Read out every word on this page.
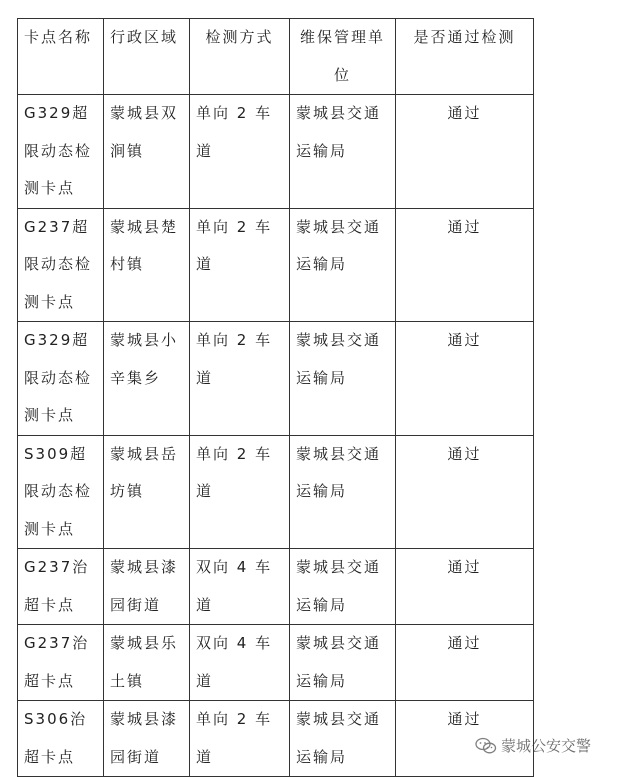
卡点名称	行政区域	检测方式	维保管理单位	是否通过检测
G329超限动态检测卡点	蒙城县双涧镇	单向 2 车道	蒙城县交通运输局	通过
G237超限动态检测卡点	蒙城县楚村镇	单向 2 车道	蒙城县交通运输局	通过
G329超限动态检测卡点	蒙城县小辛集乡	单向 2 车道	蒙城县交通运输局	通过
S309超限动态检测卡点	蒙城县岳坊镇	单向 2 车道	蒙城县交通运输局	通过
G237治超卡点	蒙城县漆园街道	双向 4 车道	蒙城县交通运输局	通过
G237治超卡点	蒙城县乐土镇	双向 4 车道	蒙城县交通运输局	通过
S306治超卡点	蒙城县漆园街道	单向 2 车道	蒙城县交通运输局	通过
蒙城公安交警
